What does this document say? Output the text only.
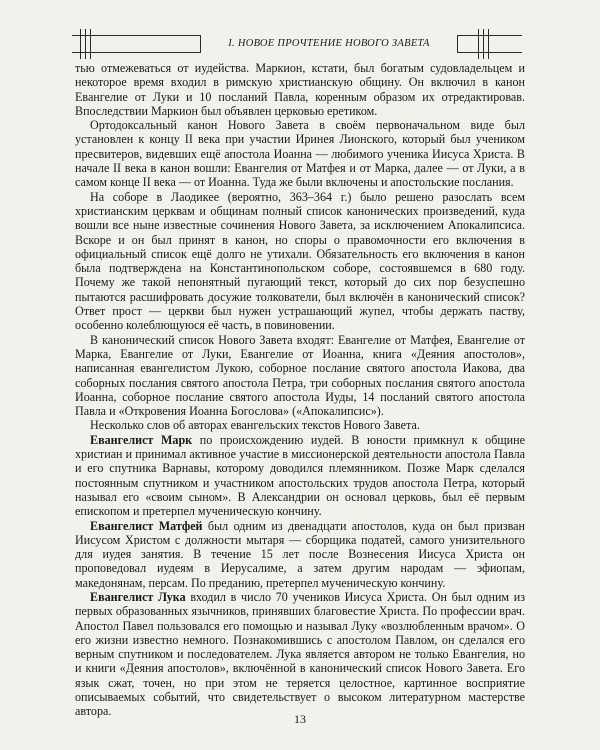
I. НОВОЕ ПРОЧТЕНИЕ НОВОГО ЗАВЕТА

тью отмежеваться от иудейства. Маркион, кстати, был богатым судовладельцем и некоторое время входил в римскую христианскую общину. Он включил в канон Евангелие от Луки и 10 посланий Павла, коренным образом их отредактировав. Впоследствии Маркион был объявлен церковью еретиком.

Ортодоксальный канон Нового Завета в своём первоначальном виде был установлен к концу II века при участии Иринея Лионского, который был учеником пресвитеров, видевших ещё апостола Иоанна — любимого ученика Иисуса Христа. В начале II века в канон вошли: Евангелия от Матфея и от Марка, далее — от Луки, а в самом конце II века — от Иоанна. Туда же были включены и апостольские послания.

На соборе в Лаодикее (вероятно, 363–364 г.) было решено разослать всем христианским церквам и общинам полный список канонических произведений, куда вошли все ныне известные сочинения Нового Завета, за исключением Апокалипсиса. Вскоре и он был принят в канон, но споры о правомочности его включения в официальный список ещё долго не утихали. Обязательность его включения в канон была подтверждена на Константинопольском соборе, состоявшемся в 680 году. Почему же такой непонятный пугающий текст, который до сих пор безуспешно пытаются расшифровать досужие толкователи, был включён в канонический список? Ответ прост — церкви был нужен устрашающий жупел, чтобы держать паству, особенно колеблющуюся её часть, в повиновении.

В канонический список Нового Завета входят: Евангелие от Матфея, Евангелие от Марка, Евангелие от Луки, Евангелие от Иоанна, книга «Деяния апостолов», написанная евангелистом Лукою, соборное послание святого апостола Иакова, два соборных послания святого апостола Петра, три соборных послания святого апостола Иоанна, соборное послание святого апостола Иуды, 14 посланий святого апостола Павла и «Откровения Иоанна Богослова» («Апокалипсис»).

Несколько слов об авторах евангельских текстов Нового Завета.

Евангелист Марк по происхождению иудей. В юности примкнул к общине христиан и принимал активное участие в миссионерской деятельности апостола Павла и его спутника Варнавы, которому доводился племянником. Позже Марк сделался постоянным спутником и участником апостольских трудов апостола Петра, который называл его «своим сыном». В Александрии он основал церковь, был её первым епископом и претерпел мученическую кончину.

Евангелист Матфей был одним из двенадцати апостолов, куда он был призван Иисусом Христом с должности мытаря — сборщика податей, самого унизительного для иудея занятия. В течение 15 лет после Вознесения Иисуса Христа он проповедовал иудеям в Иерусалиме, а затем другим народам — эфиопам, македонянам, персам. По преданию, претерпел мученическую кончину.

Евангелист Лука входил в число 70 учеников Иисуса Христа. Он был одним из первых образованных язычников, принявших благовестие Христа. По профессии врач. Апостол Павел пользовался его помощью и называл Луку «возлюбленным врачом». О его жизни известно немного. Познакомившись с апостолом Павлом, он сделался его верным спутником и последователем. Лука является автором не только Евангелия, но и книги «Деяния апостолов», включённой в канонический список Нового Завета. Его язык сжат, точен, но при этом не теряется целостное, картинное восприятие описываемых событий, что свидетельствует о высоком литературном мастерстве автора.

13
